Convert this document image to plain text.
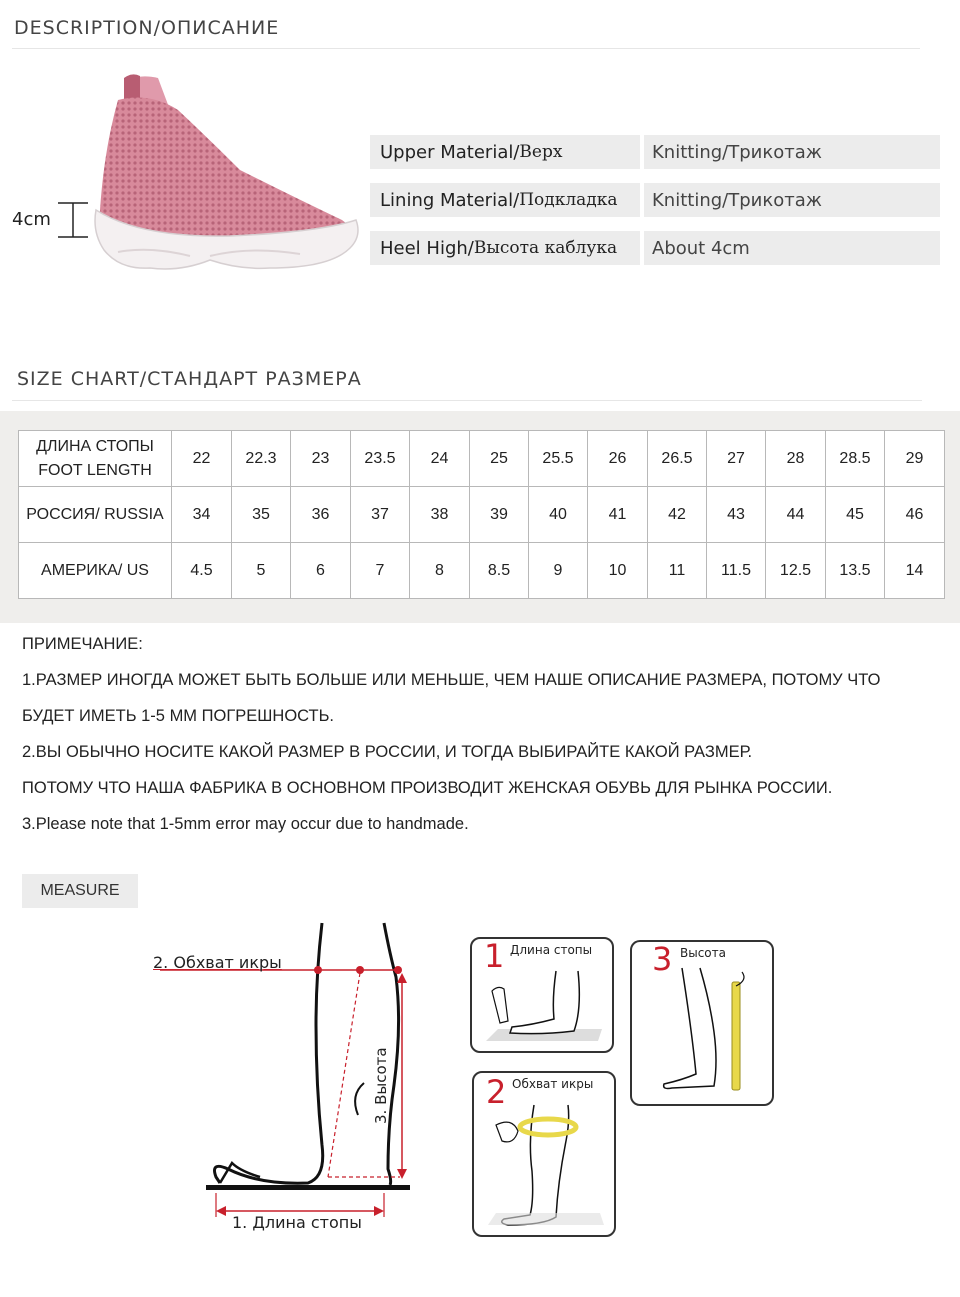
DESCRIPTION/ОПИСАНИЕ
4cm
Upper Material/ Верх	Knitting/Трикотаж
Lining Material/ Подкладка	Knitting/Трикотаж
Heel High/ Высота каблука	About 4cm
SIZE CHART/СТАНДАРТ РАЗМЕРА
ДЛИНА СТОПЫ
FOOT LENGTH	22	22.3	23	23.5	24	25	25.5	26	26.5	27	28	28.5	29

РОССИЯ/ RUSSIA	34	35	36	37	38	39	40	41	42	43	44	45	46

АМЕРИКА/ US	4.5	5	6	7	8	8.5	9	10	11	11.5	12.5	13.5	14
ПРИМЕЧАНИЕ:
1.РАЗМЕР ИНОГДА МОЖЕТ БЫТЬ БОЛЬШЕ ИЛИ МЕНЬШЕ, ЧЕМ НАШЕ ОПИСАНИЕ РАЗМЕРА, ПОТОМУ ЧТО
БУДЕТ ИМЕТЬ 1-5 ММ ПОГРЕШНОСТЬ.
2.ВЫ ОБЫЧНО НОСИТЕ КАКОЙ РАЗМЕР В РОССИИ, И ТОГДА ВЫБИРАЙТЕ КАКОЙ РАЗМЕР.
ПОТОМУ ЧТО НАША ФАБРИКА В ОСНОВНОМ ПРОИЗВОДИТ ЖЕНСКАЯ ОБУВЬ ДЛЯ РЫНКА РОССИИ.
3.Please note that 1-5mm error may occur due to handmade.
MEASURE
2. Обхват икры
3. Высота
1. Длина стопы
1 Длина стопы 3 Высота
2 Обхват икры
